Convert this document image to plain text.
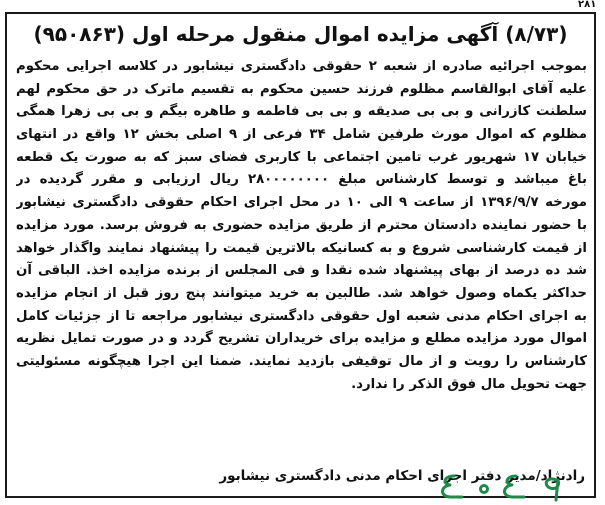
۲۸۱
(۸/۷۳) آگهی مزایده اموال منقول مرحله اول (۹۵۰۸۶۳)
بموجب اجرائیه صادره از شعبه ۲ حقوقی دادگستری نیشابور در کلاسه اجرایی محکوم
علیه آقای ابوالقاسم مظلوم فرزند حسین محکوم به تقسیم ماترک در حق محکوم لهم
سلطنت کازرانی و بی بی صدیقه و بی بی فاطمه و طاهره بیگم و بی بی زهرا همگی
مظلوم که اموال مورث طرفین شامل ۳۴ فرعی از ۹ اصلی بخش ۱۲ واقع در انتهای
خیابان ۱۷ شهریور غرب تامین اجتماعی با کاربری فضای سبز که به صورت یک قطعه
باغ میباشد و توسط کارشناس مبلغ ۲۸۰۰۰۰۰۰۰۰ ریال ارزیابی و مقرر گردیده در
مورخه ۱۳۹۶/۹/۷ از ساعت ۹ الی ۱۰ در محل اجرای احکام حقوقی دادگستری نیشابور
با حضور نماینده دادستان محترم از طریق مزایده حضوری به فروش برسد. مورد مزایده
از قیمت کارشناسی شروع و به کسانیکه بالاترین قیمت را پیشنهاد نمایند واگذار خواهد
شد ده درصد از بهای پیشنهاد شده نقدا و فی المجلس از برنده مزایده اخذ. الباقی آن
حداکثر یکماه وصول خواهد شد. طالبین به خرید میتوانند پنج روز قبل از انجام مزایده
به اجرای احکام مدنی شعبه اول حقوقی دادگستری نیشابور مراجعه تا از جزئیات کامل
اموال مورد مزایده مطلع و مزایده برای خریداران تشریح گردد و در صورت تمایل نظریه
کارشناس را رویت و از مال توقیفی بازدید نمایند. ضمنا این اجرا هیچگونه مسئولیتی
جهت تحویل مال فوق الذکر را ندارد.
رادنژاد/مدیر دفتر اجرای احکام مدنی دادگستری نیشابور
